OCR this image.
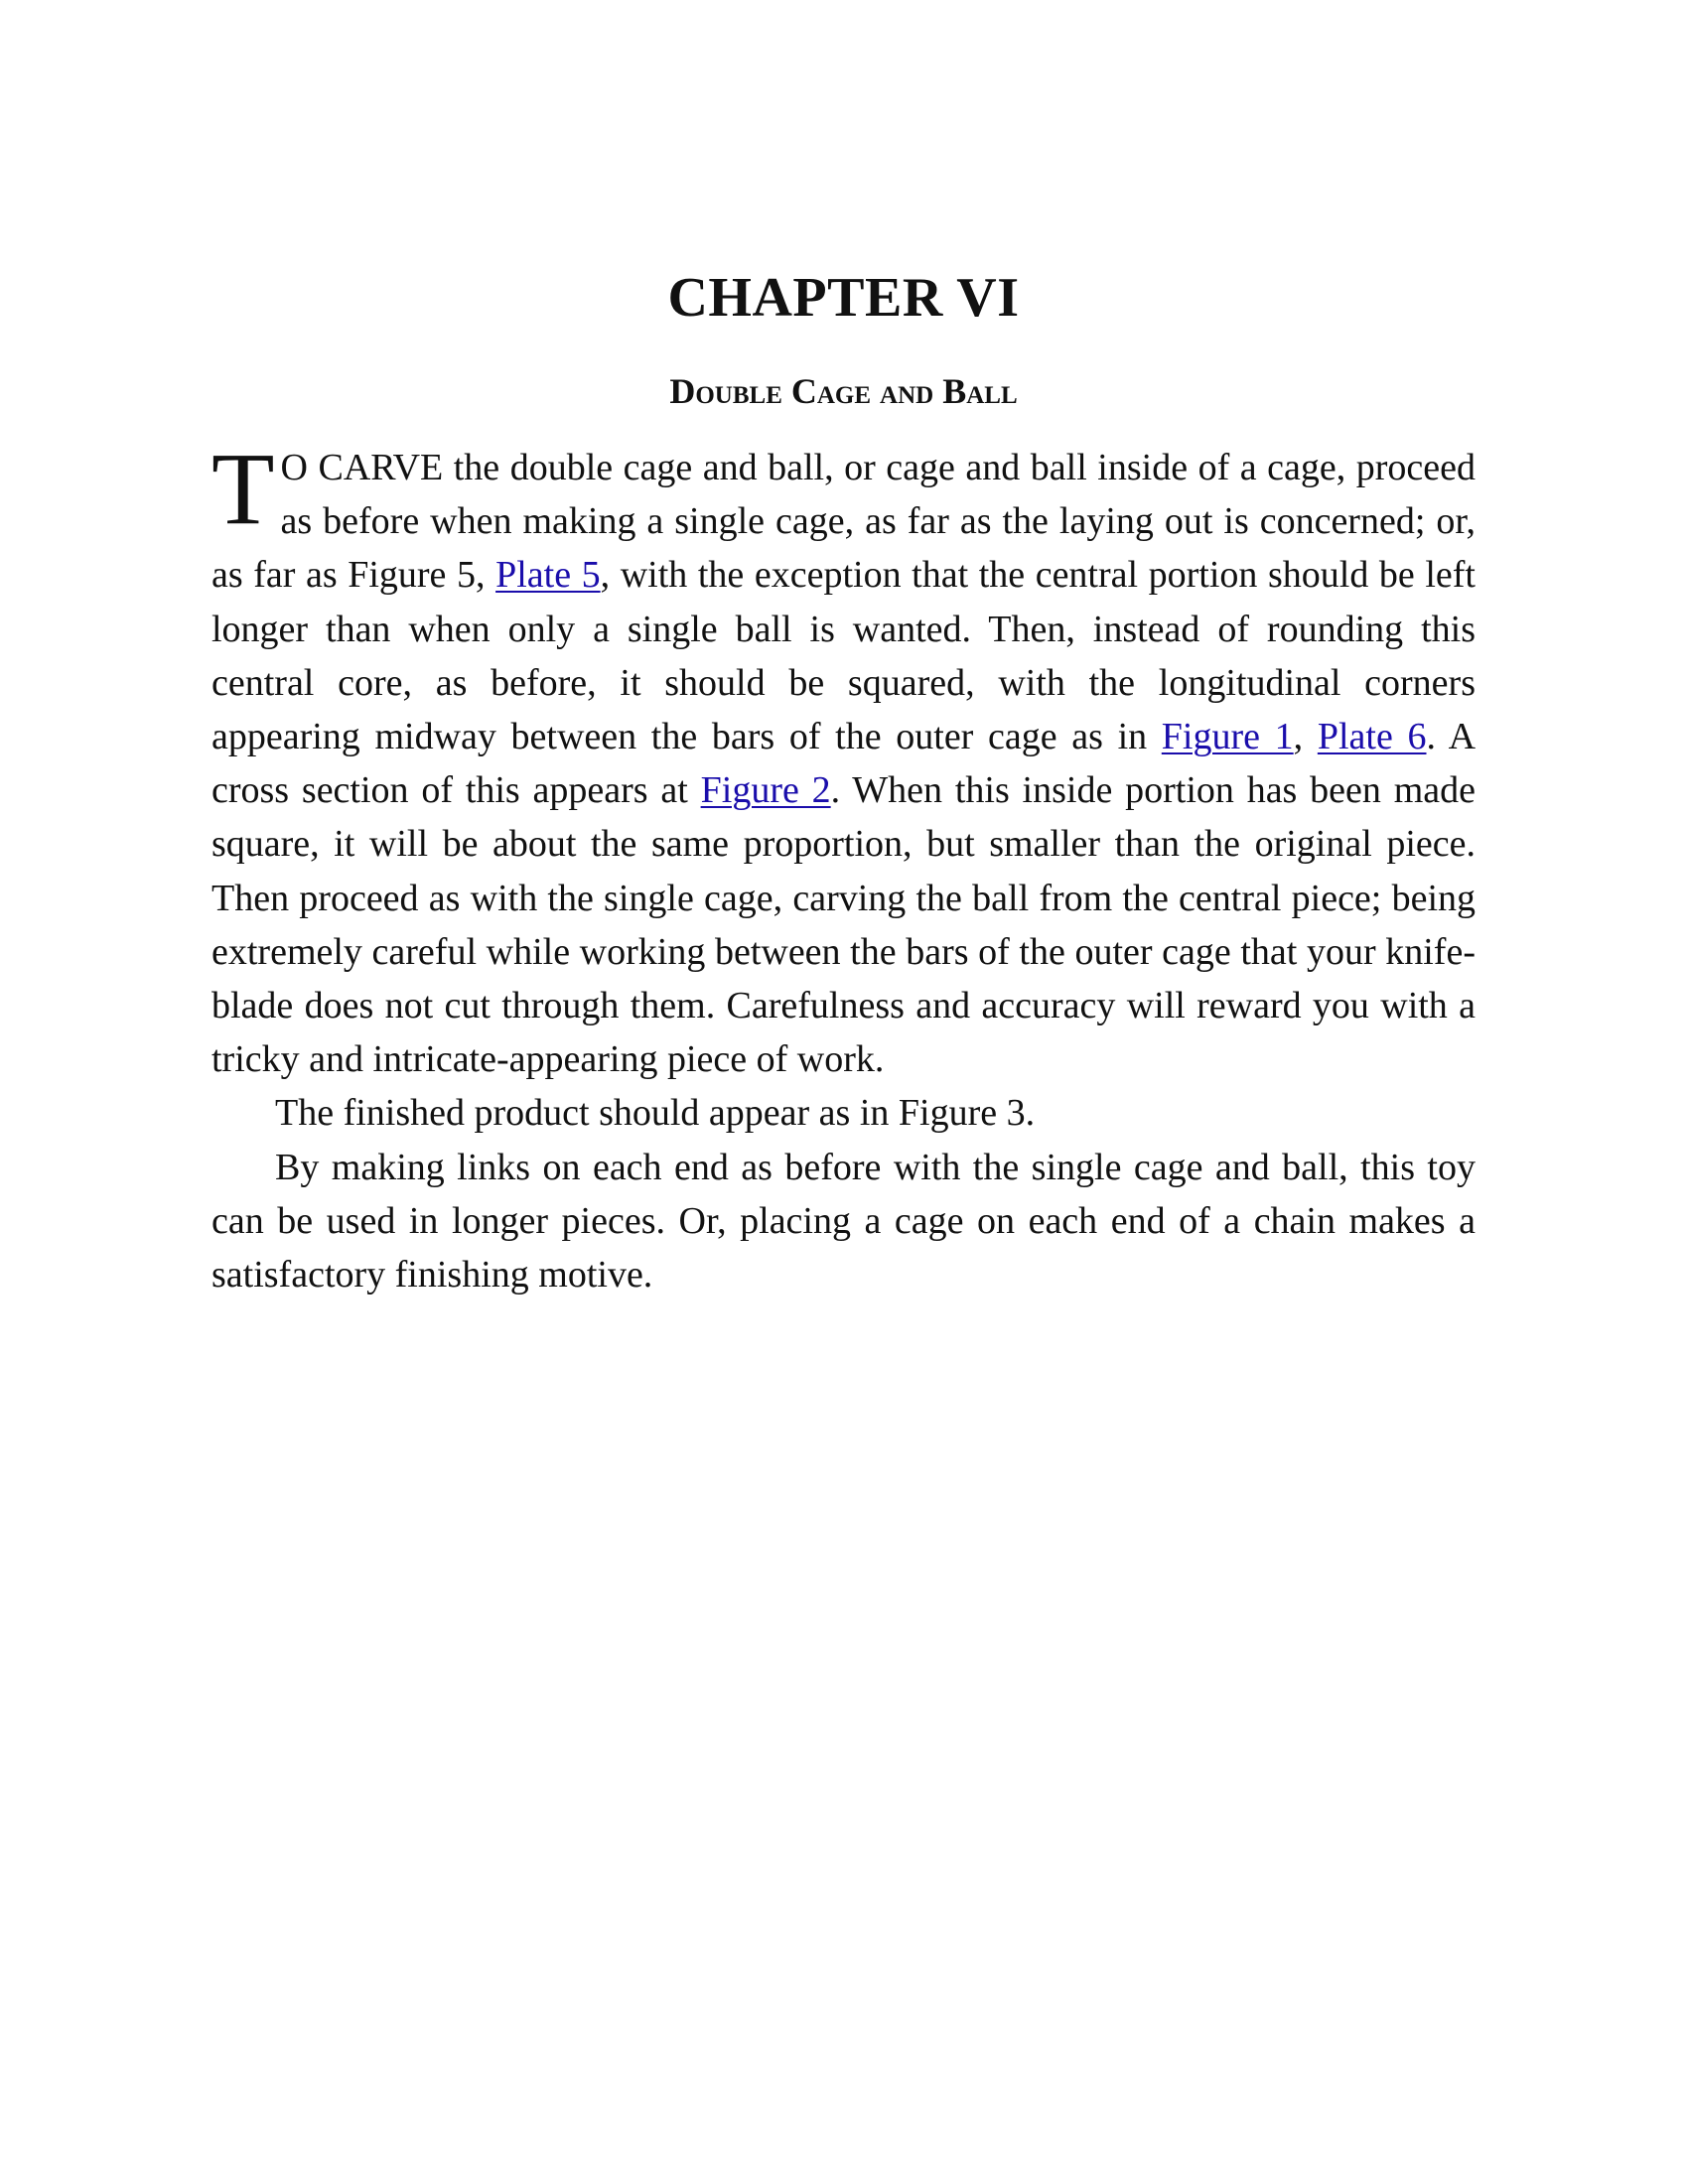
CHAPTER VI
Double Cage and Ball

T O CARVE the double cage and ball, or cage and ball inside of a cage, proceed as before when making a single cage, as far as the laying out is concerned; or, as far as Figure 5, Plate 5, with the exception that the central portion should be left longer than when only a single ball is wanted. Then, instead of rounding this central core, as before, it should be squared, with the longitudinal corners appearing midway between the bars of the outer cage as in Figure 1, Plate 6. A cross section of this appears at Figure 2. When this inside portion has been made square, it will be about the same proportion, but smaller than the original piece. Then proceed as with the single cage, carving the ball from the central piece; being extremely careful while working between the bars of the outer cage that your knife-blade does not cut through them. Carefulness and accuracy will reward you with a tricky and intricate-appearing piece of work.

The finished product should appear as in Figure 3.

By making links on each end as before with the single cage and ball, this toy can be used in longer pieces. Or, placing a cage on each end of a chain makes a satisfactory finishing motive.
